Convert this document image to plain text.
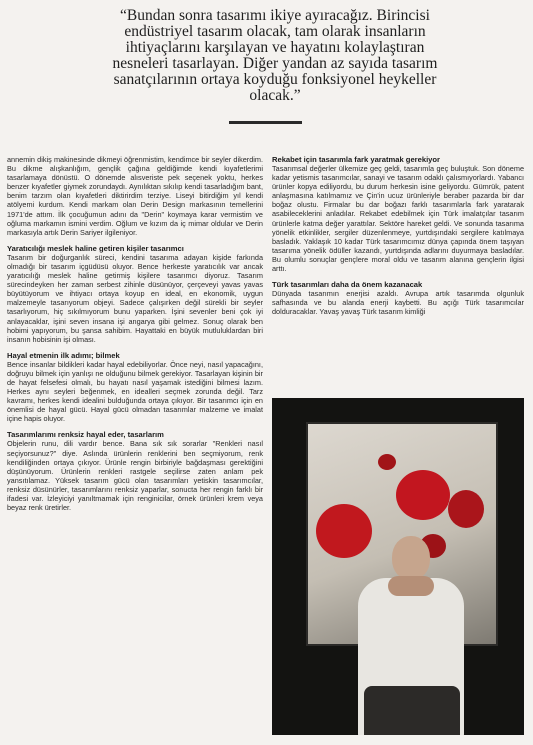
“Bundan sonra tasarımı ikiye ayıracağız. Birincisi
endüstriyel tasarım olacak, tam olarak insanların
ihtiyaçlarını karşılayan ve hayatını kolaylaştıran
nesneleri tasarlayan. Diğer yandan az sayıda tasarım
sanatçılarının ortaya koyduğu fonksiyonel heykeller
olacak.”

annemin dikiş makinesinde dikmeyi öğrenmistim, kendimce bir seyler dikerdim. Bu dikme alışkanlığım, gençlik çağına geldiğimde kendi kıyafetlerimi tasarlamaya dönüstü. O dönemde alısveriste pek seçenek yoktu, herkes benzer kıyafetler giymek zorundaydı. Aynılıktan sıkılıp kendi tasarladığım bant, benim tarzım olan kıyafetleri diktirirdim terziye. Liseyi bitirdiğim yıl kendi atölyemi kurdum. Kendi markam olan Derin Design markasının temellerini 1971'de attım. İlk çocuğumun adını da "Derin" koymaya karar vermistim ve oğluma markamın ismini verdim. Oğlum ve kızım da iç mimar oldular ve Derin markasıyla artık Derin Sariyer ilgileniyor.

Yaratıcılığı meslek haline getiren kişiler tasarımcı

Tasarım bir doğurganlık süreci, kendini tasarıma adayan kişide farkında olmadığı bir tasarım içgüdüsü oluyor. Bence herkeste yaratıcılık var ancak yaratıcılığı meslek haline getirmiş kişilere tasarımcı diyoruz. Tasarım sürecindeyken her zaman serbest zihinle düsünüyor, çerçeveyi yavas yavas büyütüyorum ve ihtiyacı ortaya koyup en ideal, en ekonomik, uygun malzemeyle tasarıyorum objeyi. Sadece çalışırken değil sürekli bir seyler tasarlıyorum, hiç sıkılmıyorum bunu yaparken. İşini sevenler beni çok iyi anlayacaklar, işini seven insana işi angarya gibi gelmez. Sonuç olarak ben hobimi yapıyorum, bu şansa sahibim. Hayattaki en büyük mutluluklardan biri insanın hobisinin işi olması.

Hayal etmenin ilk adımı; bilmek

Bence insanlar bildikleri kadar hayal edebiliyorlar. Önce neyi, nasıl yapacağını, doğruyu bilmek için yanlışı ne olduğunu bilmek gerekiyor. Tasarlayan kişinin bir de hayat felsefesi olmalı, bu hayatı nasıl yaşamak istediğini bilmesi lazım. Herkes aynı seyleri beğenmek, en idealleri seçmek zorunda değil. Tarz kavramı, herkes kendi idealini bulduğunda ortaya çıkıyor. Bir tasarımcı için en önemlisi de hayal gücü. Hayal gücü olmadan tasarımlar malzeme ve imalat içine hapis oluyor.

Tasarımlarımı renksiz hayal eder, tasarlarım

Objelerin runu, dili vardır bence. Bana sık sık sorarlar "Renkleri nasıl seçiyorsunuz?" diye. Aslında ürünlerin renklerini ben seçmiyorum, renk kendiliğinden ortaya çıkıyor. Ürünle rengin birbiriyle bağdaşması gerektiğini düşünüyorum. Ürünlerin renkleri rastgele seçilirse zaten anlam pek yansıtılamaz. Yüksek tasarım gücü olan tasarımları yetiskin tasarımcılar, renksiz düsünürler, tasarımlarını renksiz yaparlar, sonucta her rengin farklı bir ifadesi var. İzleyiciyi yanıltmamak için renginicilar, örnek ürünleri krem veya beyaz renk üretirler.

Rekabet için tasarımla fark yaratmak gerekiyor

Tasarımsal değerler ülkemize geç geldi, tasarımla geç buluştuk. Son döneme kadar yetismis tasarımcılar, sanayi ve tasarım odaklı çalısmıyorlardı. Yabancı ürünler kopya ediliyordu, bu durum herkesin isine geliyordu. Gümrük, patent anlaşmasına katılmamız ve Çin'in ucuz ürünleriyle beraber pazarda bir dar boğaz olustu. Firmalar bu dar boğazı farklı tasarımlarla fark yaratarak asabileceklerini anladılar. Rekabet edebilmek için Türk imalatçılar tasarım ürünlerle katma değer yarattılar. Sektöre hareket geldi. Ve sonunda tasarıma yönelik etkinlikler, sergiler düzenlenmeye, yurtdışındaki sergilere katılmaya basladık. Yaklaşık 10 kadar Türk tasarımcımız dünya çapında önem taşıyan tasarıma yönelik ödüller kazandı, yurtdışında adlarını duyurmaya basladılar. Bu olumlu sonuçlar gençlere moral oldu ve tasarım alanına gençlerin ilgisi arttı.

Türk tasarımları daha da önem kazanacak

Dünyada tasarımın enerjisi azaldı. Avrupa artık tasarımda olgunluk safhasında ve bu alanda enerji kaybetti. Bu açığı Türk tasarımcılar dolduracaklar. Yavaş yavaş Türk tasarım kimliği
